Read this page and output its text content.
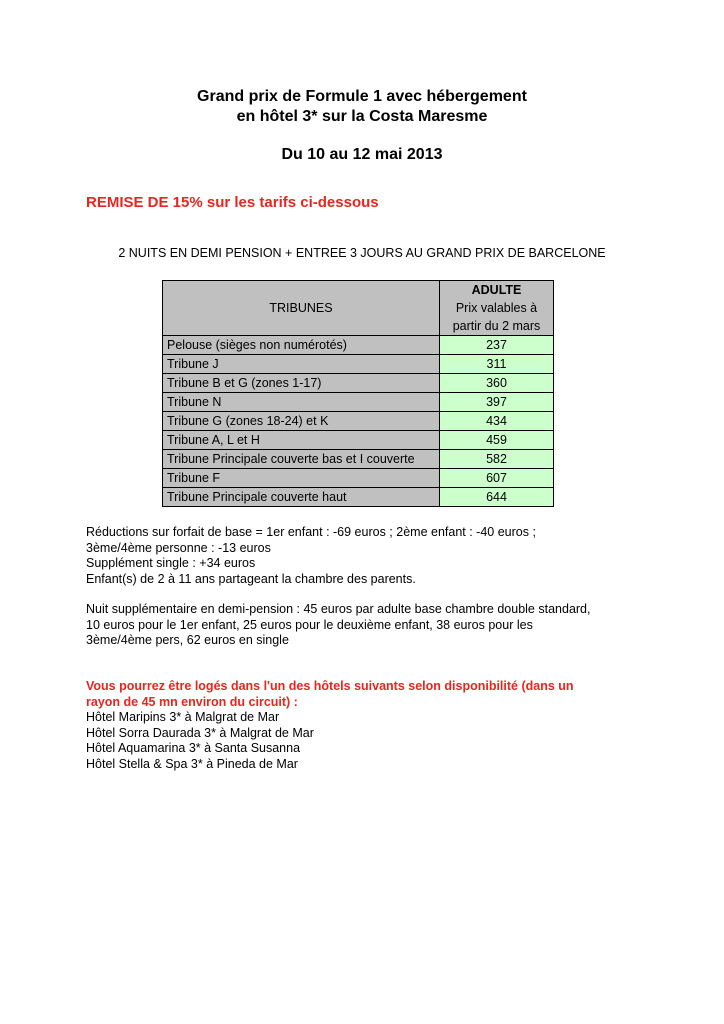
Grand prix de Formule 1 avec hébergement
en hôtel 3* sur la Costa Maresme
Du 10 au 12 mai 2013

REMISE DE 15% sur les tarifs ci-dessous

2 NUITS EN DEMI PENSION + ENTREE 3 JOURS AU GRAND PRIX DE BARCELONE

TRIBUNES	ADULTE
Prix valables à
partir du 2 mars

Pelouse (sièges non numérotés)	237
Tribune J	311
Tribune B et G (zones 1-17)	360
Tribune N	397
Tribune G (zones 18-24) et K	434
Tribune A, L et H	459
Tribune Principale couverte bas et I couverte	582
Tribune F	607
Tribune Principale couverte haut	644

Réductions sur forfait de base = 1er enfant : -69 euros ; 2ème enfant : -40 euros ;

3ème/4ème personne : -13 euros

Supplément single : +34 euros

Enfant(s) de 2 à 11 ans partageant la chambre des parents.

Nuit supplémentaire en demi-pension : 45 euros par adulte base chambre double standard,

10 euros pour le 1er enfant, 25 euros pour le deuxième enfant, 38 euros pour les

3ème/4ème pers, 62 euros en single

Vous pourrez être logés dans l'un des hôtels suivants selon disponibilité (dans un

rayon de 45 mn environ du circuit) :

Hôtel Maripins 3* à Malgrat de Mar

Hôtel Sorra Daurada 3* à Malgrat de Mar

Hôtel Aquamarina 3* à Santa Susanna

Hôtel Stella & Spa 3* à Pineda de Mar
